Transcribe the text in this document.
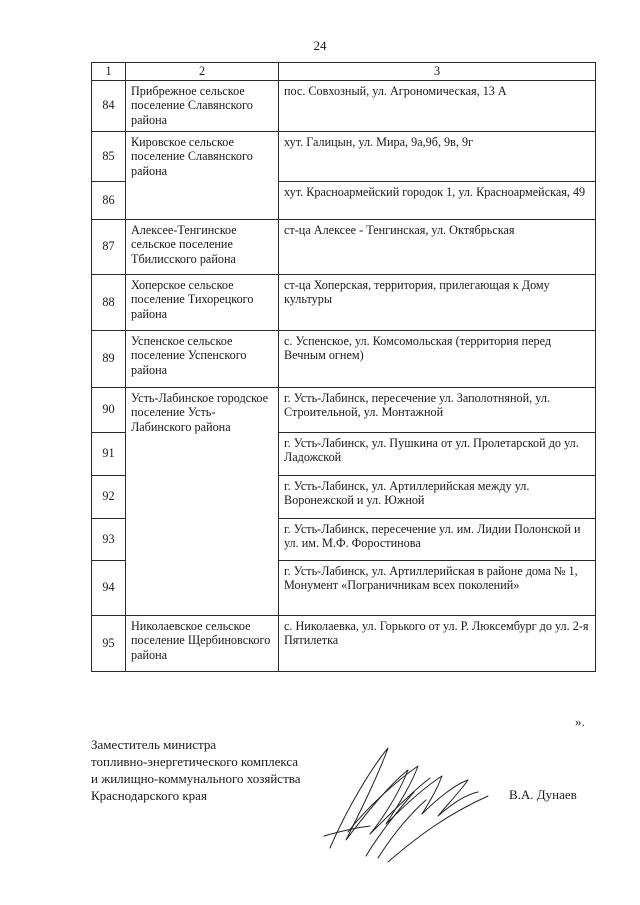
24
1	2	3
84	Прибрежное сельское поселение Славянского района	пос. Совхозный, ул. Агрономическая, 13 А
85	Кировское сельское поселение Славянского района	хут. Галицын, ул. Мира, 9а,9б, 9в, 9г
86		хут. Красноармейский городок 1, ул. Красноармейская, 49
87	Алексее-Тенгинское сельское поселение Тбилисского района	ст-ца Алексее - Тенгинская, ул. Октябрьская
88	Хоперское сельское поселение Тихорецкого района	ст-ца Хоперская, территория, прилегающая к Дому культуры
89	Успенское сельское поселение Успенского района	с. Успенское, ул. Комсомольская (территория перед Вечным огнем)
90	Усть-Лабинское городское поселение Усть-Лабинского района	г. Усть-Лабинск, пересечение ул. Заполотняной, ул. Строительной, ул. Монтажной
91		г. Усть-Лабинск, ул. Пушкина от ул. Пролетарской до ул. Ладожской
92		г. Усть-Лабинск, ул. Артиллерийская между ул. Воронежской и ул. Южной
93		г. Усть-Лабинск, пересечение ул. им. Лидии Полонской и ул. им. М.Ф. Форостинова
94		г. Усть-Лабинск, ул. Артиллерийская в районе дома № 1, Монумент «Пограничникам всех поколений»
95	Николаевское сельское поселение Щербиновского района	с. Николаевка, ул. Горького от ул. Р. Люксембург до ул. 2-я Пятилетка
».
Заместитель министра
топливно-энергетического комплекса
и жилищно-коммунального хозяйства
Краснодарского края	В.А. Дунаев
